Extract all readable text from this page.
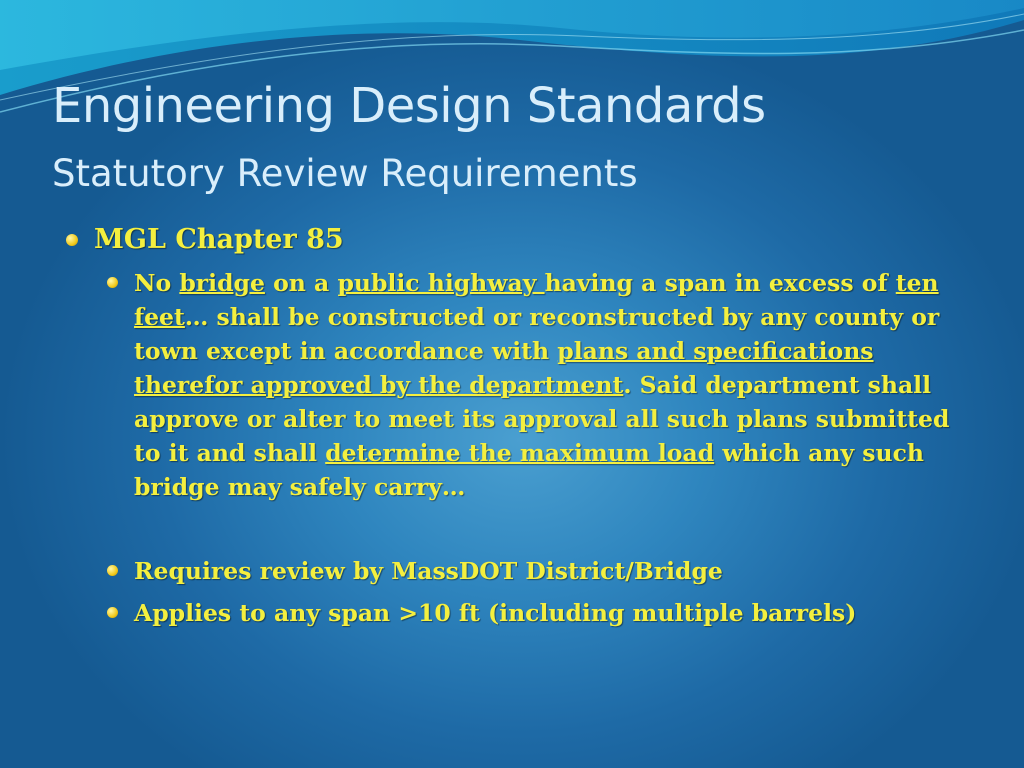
Engineering Design Standards
Statutory Review Requirements
MGL Chapter 85
No bridge on a public highway having a span in excess of ten feet… shall be constructed or reconstructed by any county or town except in accordance with plans and specifications therefor approved by the department. Said department shall approve or alter to meet its approval all such plans submitted to it and shall determine the maximum load which any such bridge may safely carry…
Requires review by MassDOT District/Bridge
Applies to any span >10 ft (including multiple barrels)
